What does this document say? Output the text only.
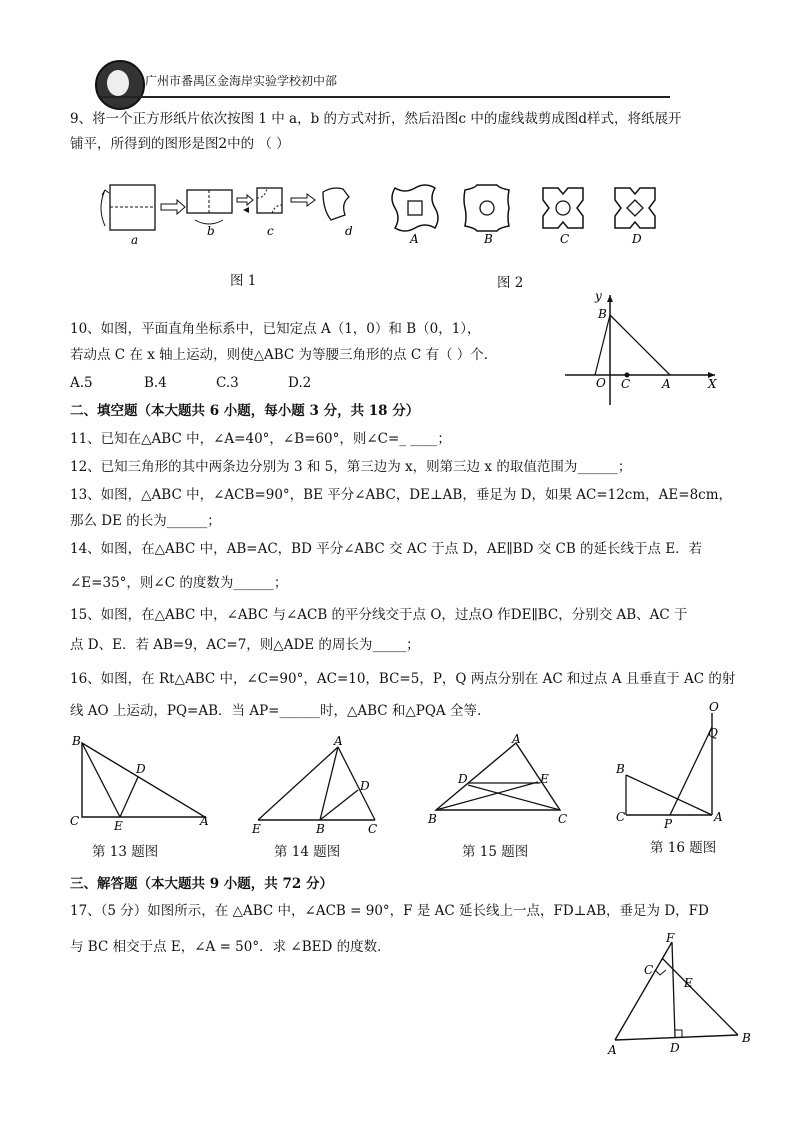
广州市番禺区金海岸实验学校初中部
9、将一个正方形纸片依次按图 1 中 a，b 的方式对折，然后沿图c 中的虚线裁剪成图d样式，将纸展开
铺平，所得到的图形是图2中的 （ ）
a
b	c	d
A	B	C	D
图 1	图 2
10、如图，平面直角坐标系中，已知定点 A（1，0）和 B（0，1），
若动点 C 在 x 轴上运动，则使△ABC 为等腰三角形的点 C 有（ ）个.
A.5	B.4	C.3	D.2
y
B
O C	A	X
二、填空题（本大题共 6 小题，每小题 3 分，共 18 分）
11、已知在△ABC 中，∠A=40°，∠B=60°，则∠C=_ ____；
12、已知三角形的其中两条边分别为 3 和 5，第三边为 x，则第三边 x 的取值范围为______；
13、如图，△ABC 中，∠ACB=90°，BE 平分∠ABC，DE⊥AB，垂足为 D，如果 AC=12cm，AE=8cm，
那么 DE 的长为______；
14、如图，在△ABC 中，AB=AC，BD 平分∠ABC 交 AC 于点 D，AE∥BD 交 CB 的延长线于点 E．若
∠E=35°，则∠C 的度数为______；
15、如图，在△ABC 中，∠ABC 与∠ACB 的平分线交于点 O，过点O 作DE∥BC，分别交 AB、AC 于
点 D、E．若 AB=9，AC=7，则△ADE 的周长为_____；
16、如图，在 Rt△ABC 中，∠C=90°，AC=10，BC=5，P，Q 两点分别在 AC 和过点 A 且垂直于 AC 的射
线 AO 上运动，PQ=AB．当 AP=______时，△ABC 和△PQA 全等.
B
D
C	E	A
A
D
E	B	C
A
D	E
B	C
O
Q
B
C	P	A
第 13 题图	第 14 题图	第 15 题图	第 16 题图
三、解答题（本大题共 9 小题，共 72 分）
17、（5 分）如图所示，在 △ABC 中，∠ACB = 90°，F 是 AC 延长线上一点，FD⊥AB，垂足为 D，FD
与 BC 相交于点 E，∠A = 50°．求 ∠BED 的度数．
F
C
E
A	D
B
